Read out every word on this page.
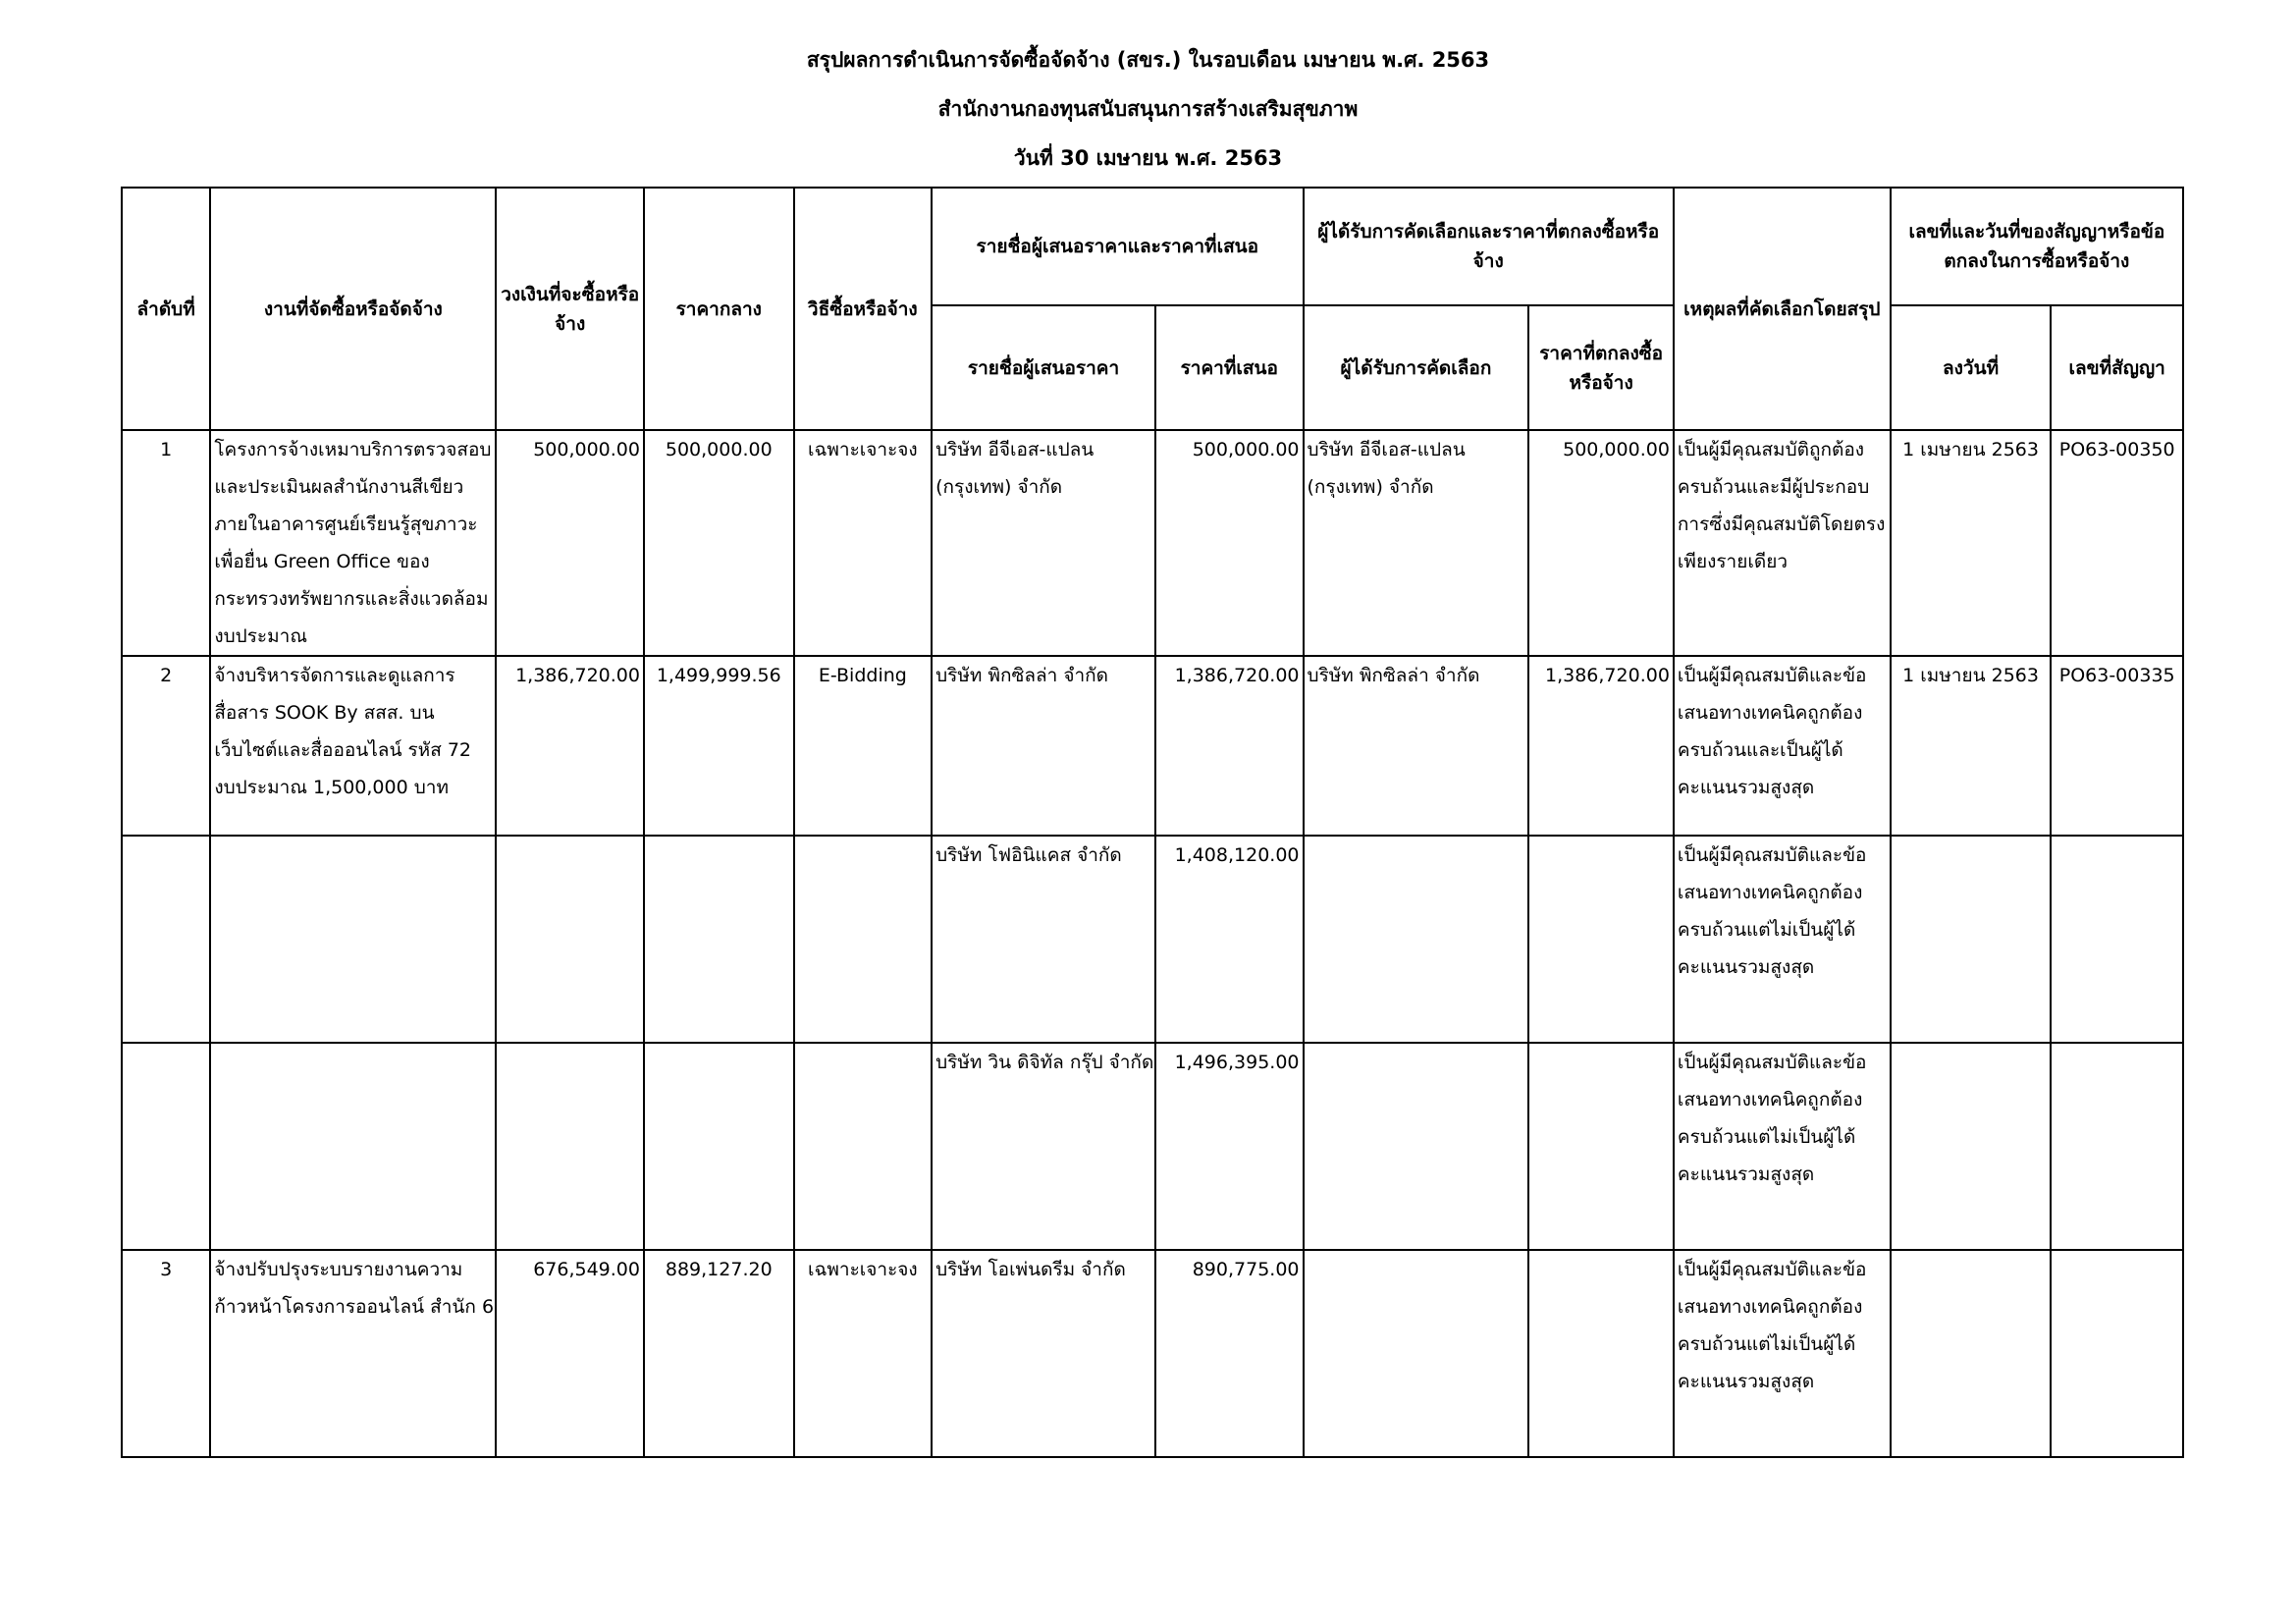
สรุปผลการดำเนินการจัดซื้อจัดจ้าง (สขร.) ในรอบเดือน เมษายน พ.ศ. 2563
สำนักงานกองทุนสนับสนุนการสร้างเสริมสุขภาพ
วันที่ 30 เมษายน พ.ศ. 2563
ลำดับที่	งานที่จัดซื้อหรือจัดจ้าง	วงเงินที่จะซื้อหรือจ้าง	ราคากลาง	วิธีซื้อหรือจ้าง	รายชื่อผู้เสนอราคาและราคาที่เสนอ		ผู้ได้รับการคัดเลือกและราคาที่ตกลงซื้อหรือจ้าง		เหตุผลที่คัดเลือกโดยสรุป	เลขที่และวันที่ของสัญญาหรือข้อตกลงในการซื้อหรือจ้าง	
					รายชื่อผู้เสนอราคา	ราคาที่เสนอ	ผู้ได้รับการคัดเลือก	ราคาที่ตกลงซื้อหรือจ้าง		ลงวันที่	เลขที่สัญญา
1	โครงการจ้างเหมาบริการตรวจสอบและประเมินผลสำนักงานสีเขียวภายในอาคารศูนย์เรียนรู้สุขภาวะเพื่อยื่น Green Office ของกระทรวงทรัพยากรและสิ่งแวดล้อม งบประมาณ	500,000.00	500,000.00	เฉพาะเจาะจง	บริษัท อีจีเอส-แปลน (กรุงเทพ) จำกัด	500,000.00	บริษัท อีจีเอส-แปลน (กรุงเทพ) จำกัด	500,000.00	เป็นผู้มีคุณสมบัติถูกต้องครบถ้วนและมีผู้ประกอบการซึ่งมีคุณสมบัติโดยตรงเพียงรายเดียว	1 เมษายน 2563	PO63-00350
2	จ้างบริหารจัดการและดูแลการสื่อสาร SOOK By สสส. บนเว็บไซต์และสื่อออนไลน์ รหัส 72 งบประมาณ 1,500,000 บาท	1,386,720.00	1,499,999.56	E-Bidding	บริษัท พิกซิลล่า จำกัด	1,386,720.00	บริษัท พิกซิลล่า จำกัด	1,386,720.00	เป็นผู้มีคุณสมบัติและข้อเสนอทางเทคนิคถูกต้องครบถ้วนและเป็นผู้ได้คะแนนรวมสูงสุด	1 เมษายน 2563	PO63-00335
					บริษัท โฟอินิแคส จำกัด	1,408,120.00			เป็นผู้มีคุณสมบัติและข้อเสนอทางเทคนิคถูกต้องครบถ้วนแต่ไม่เป็นผู้ได้คะแนนรวมสูงสุด		
					บริษัท วิน ดิจิทัล กรุ๊ป จำกัด	1,496,395.00			เป็นผู้มีคุณสมบัติและข้อเสนอทางเทคนิคถูกต้องครบถ้วนแต่ไม่เป็นผู้ได้คะแนนรวมสูงสุด		
3	จ้างปรับปรุงระบบรายงานความก้าวหน้าโครงการออนไลน์ สำนัก 6	676,549.00	889,127.20	เฉพาะเจาะจง	บริษัท โอเพ่นดรีม จำกัด	890,775.00			เป็นผู้มีคุณสมบัติและข้อเสนอทางเทคนิคถูกต้องครบถ้วนแต่ไม่เป็นผู้ได้คะแนนรวมสูงสุด		
